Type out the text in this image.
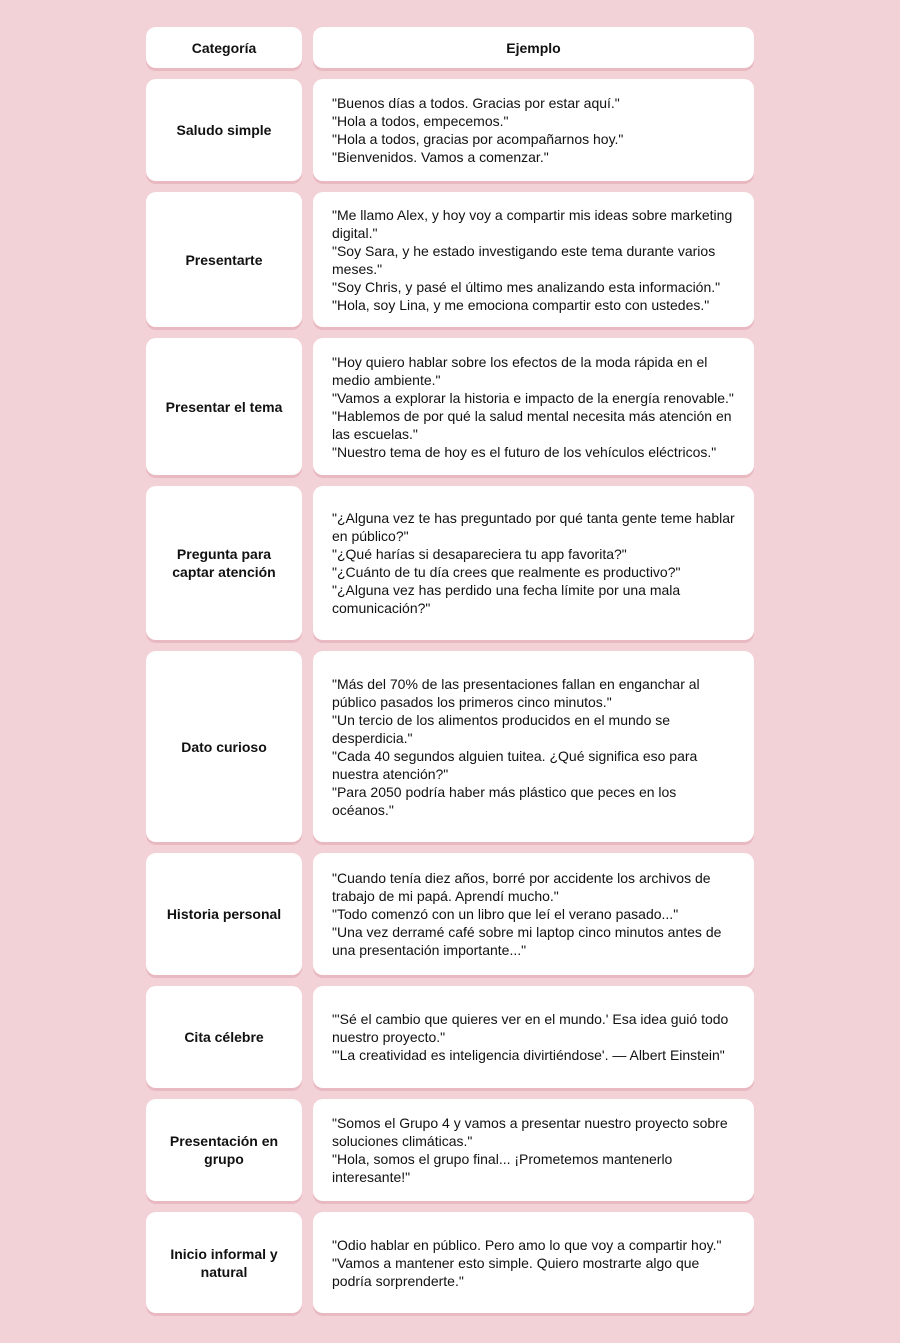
Categoría	Ejemplo
Saludo simple
"Buenos días a todos. Gracias por estar aquí."
"Hola a todos, empecemos."
"Hola a todos, gracias por acompañarnos hoy."
"Bienvenidos. Vamos a comenzar."
Presentarte
"Me llamo Alex, y hoy voy a compartir mis ideas sobre marketing digital."
"Soy Sara, y he estado investigando este tema durante varios meses."
"Soy Chris, y pasé el último mes analizando esta información."
"Hola, soy Lina, y me emociona compartir esto con ustedes."
Presentar el tema
"Hoy quiero hablar sobre los efectos de la moda rápida en el medio ambiente."
"Vamos a explorar la historia e impacto de la energía renovable."
"Hablemos de por qué la salud mental necesita más atención en las escuelas."
"Nuestro tema de hoy es el futuro de los vehículos eléctricos."
Pregunta para captar atención
"¿Alguna vez te has preguntado por qué tanta gente teme hablar en público?"
"¿Qué harías si desapareciera tu app favorita?"
"¿Cuánto de tu día crees que realmente es productivo?"
"¿Alguna vez has perdido una fecha límite por una mala comunicación?"
Dato curioso
"Más del 70% de las presentaciones fallan en enganchar al público pasados los primeros cinco minutos."
"Un tercio de los alimentos producidos en el mundo se desperdicia."
"Cada 40 segundos alguien tuitea. ¿Qué significa eso para nuestra atención?"
"Para 2050 podría haber más plástico que peces en los océanos."
Historia personal
"Cuando tenía diez años, borré por accidente los archivos de trabajo de mi papá. Aprendí mucho."
"Todo comenzó con un libro que leí el verano pasado..."
"Una vez derramé café sobre mi laptop cinco minutos antes de una presentación importante..."
Cita célebre
"'Sé el cambio que quieres ver en el mundo.' Esa idea guió todo nuestro proyecto."
"'La creatividad es inteligencia divirtiéndose'. — Albert Einstein"
Presentación en grupo
"Somos el Grupo 4 y vamos a presentar nuestro proyecto sobre soluciones climáticas."
"Hola, somos el grupo final... ¡Prometemos mantenerlo interesante!"
Inicio informal y natural
"Odio hablar en público. Pero amo lo que voy a compartir hoy."
"Vamos a mantener esto simple. Quiero mostrarte algo que podría sorprenderte."
